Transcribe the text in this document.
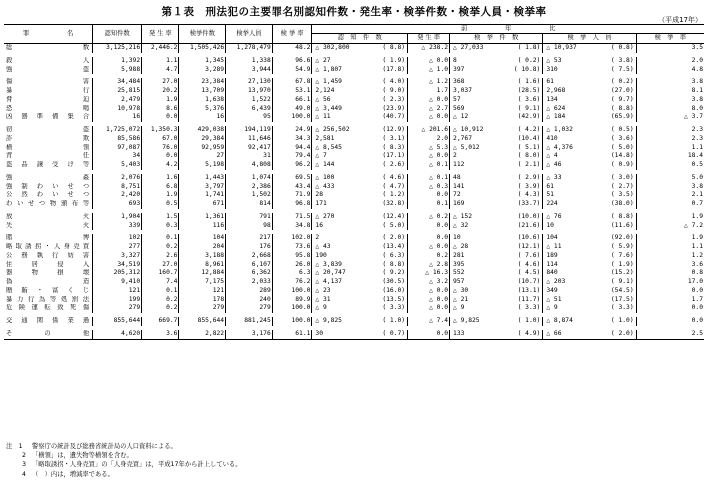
第１表　刑法犯の主要罪名別認知件数・発生率・検挙件数・検挙人員・検挙率
（平成17年）
罪　　　　　　名	認知件数	発 生 率	検挙件数	検挙人員	検 挙 率	前　　　　　　年　　　　　　比							
						認　知　件　数		発 生 率	検　挙　件　数		検　挙　人　員		検　挙　率
総　　　　　　数	3,125,216	2,446.2	1,505,426	1,278,479	48.2	△ 302,800	( 8.8)	△ 238.2	△ 27,033	( 1.8)	△ 10,937	( 0.8)	3.5

殺　　　　　人	1,392	1.1	1,345	1,338	96.6	△ 27	( 1.9)	△ 0.0	8	( 0.2)	△ 53	( 3.8)	2.0
強　　　　　盗	5,988	4.7	3,289	3,944	54.9	△ 1,807	(17.8)	△ 1.0	397	( 10.8)	310	( 7.5)	4.8

傷　　　　　害	34,484	27.0	23,384	27,130	67.8	△ 1,459	( 4.0)	△ 1.2	368	( 1.6)	61	( 0.2)	3.8
暴　　　　　行	25,815	20.2	13,709	13,970	53.1	2,124	( 9.0)	1.7	3,037	(28.5)	2,968	(27.0)	8.1
脅　　　　　迫	2,479	1.9	1,638	1,522	66.1	△ 56	( 2.3)	△ 0.0	57	( 3.6)	134	( 9.7)	3.8
恐　　　　　喝	10,978	8.6	5,376	6,439	49.0	△ 3,449	(23.9)	△ 2.7	569	( 9.1)	△ 624	( 8.8)	8.0
凶器準備集合	16	0.0	16	95	100.0	△ 11	(40.7)	△ 0.0	△ 12	(42.9)	△ 184	(65.9)	△ 3.7

窃　　　　　盗	1,725,072	1,350.3	429,038	194,119	24.9	△ 256,502	(12.9)	△ 201.6	△ 10,912	( 4.2)	△ 1,032	( 0.5)	2.3
詐　　　　　欺	85,586	67.0	29,384	11,646	34.3	2,581	( 3.1)	2.0	2,767	(10.4)	410	( 3.6)	2.3
横　　　　　領	97,087	76.0	92,959	92,417	94.4	△ 8,545	( 8.3)	△ 5.3	△ 5,012	( 5.1)	△ 4,376	( 5.0)	1.1
背　　　　　任	34	0.0	27	31	79.4	△ 7	(17.1)	△ 0.0	2	( 8.0)	△ 4	(14.8)	18.4
盗品譲受け等	5,403	4.2	5,198	4,808	96.2	△ 144	( 2.6)	△ 0.1	112	( 2.1)	△ 46	( 0.9)	0.5

強　　　　　姦	2,076	1.6	1,443	1,074	69.5	△ 100	( 4.6)	△ 0.1	48	( 2.9)	△ 33	( 3.0)	5.0
強制わいせつ	8,751	6.8	3,797	2,386	43.4	△ 433	( 4.7)	△ 0.3	141	( 3.9)	61	( 2.7)	3.8
公然わいせつ	2,420	1.9	1,741	1,502	71.9	28	( 1.2)	0.0	72	( 4.3)	51	( 3.5)	2.1
わいせつ物頒布等	693	0.5	671	814	96.8	171	(32.8)	0.1	169	(33.7)	224	(38.0)	0.7

放　　　　　火	1,904	1.5	1,361	791	71.5	△ 270	(12.4)	△ 0.2	△ 152	(10.0)	△ 76	( 8.8)	1.9
失　　　　　火	339	0.3	116	98	34.8	16	( 5.0)	0.0	△ 32	(21.6)	10	(11.6)	△ 7.2

賭　　　　　博	102	0.1	104	217	102.0	2	( 2.0)	0.0	10	(10.6)	104	(92.0)	1.9
略取誘拐・人身売買	277	0.2	204	176	73.6	△ 43	(13.4)	△ 0.0	△ 28	(12.1)	△ 11	( 5.9)	1.1
公務執行妨害	3,327	2.6	3,188	2,668	95.8	190	( 6.3)	0.2	281	( 7.6)	189	( 7.6)	1.2
住　居　侵　入	34,519	27.0	8,961	6,107	26.0	△ 3,839	( 8.8)	△ 2.8	395	( 4.6)	114	( 1.9)	3.6
器　物　損　壊	205,312	160.7	12,884	6,362	6.3	△ 20,747	( 9.2)	△ 16.3	552	( 4.5)	840	(15.2)	0.8
偽　　　　　造	9,410	7.4	7,175	2,033	76.2	△ 4,137	(30.5)	△ 3.2	957	(10.7)	△ 203	( 9.1)	17.0
贈賄・富くじ	121	0.1	121	289	100.0	△ 23	(16.0)	△ 0.0	△ 30	(13.1)	349	(54.5)	0.0
暴力行為等処罰法	199	0.2	178	240	89.9	△ 31	(13.5)	△ 0.0	△ 21	(11.7)	△ 51	(17.5)	1.7
危険運転致死傷	279	0.2	279	279	100.0	△ 9	( 3.3)	△ 0.0	△ 9	( 3.3)	△ 9	( 3.3)	0.0

交通関係業過	855,644	669.7	855,644	881,245	100.0	△ 9,825	( 1.0)	△ 7.4	△ 9,825	( 1.0)	△ 8,874	( 1.0)	0.0

そ　　の　　他	4,620	3.6	2,822	3,176	61.1	30	( 0.7)	0.0	133	( 4.9)	△ 66	( 2.0)	2.5
注　1	警察庁の統計及び総務省統計局の人口資料による。
2 「横領」は，遺失物等横領を含む。
3 「略取誘拐・人身売買」の「人身売買」は，平成17年から計上している。
4 （　）内は，増減率である。
